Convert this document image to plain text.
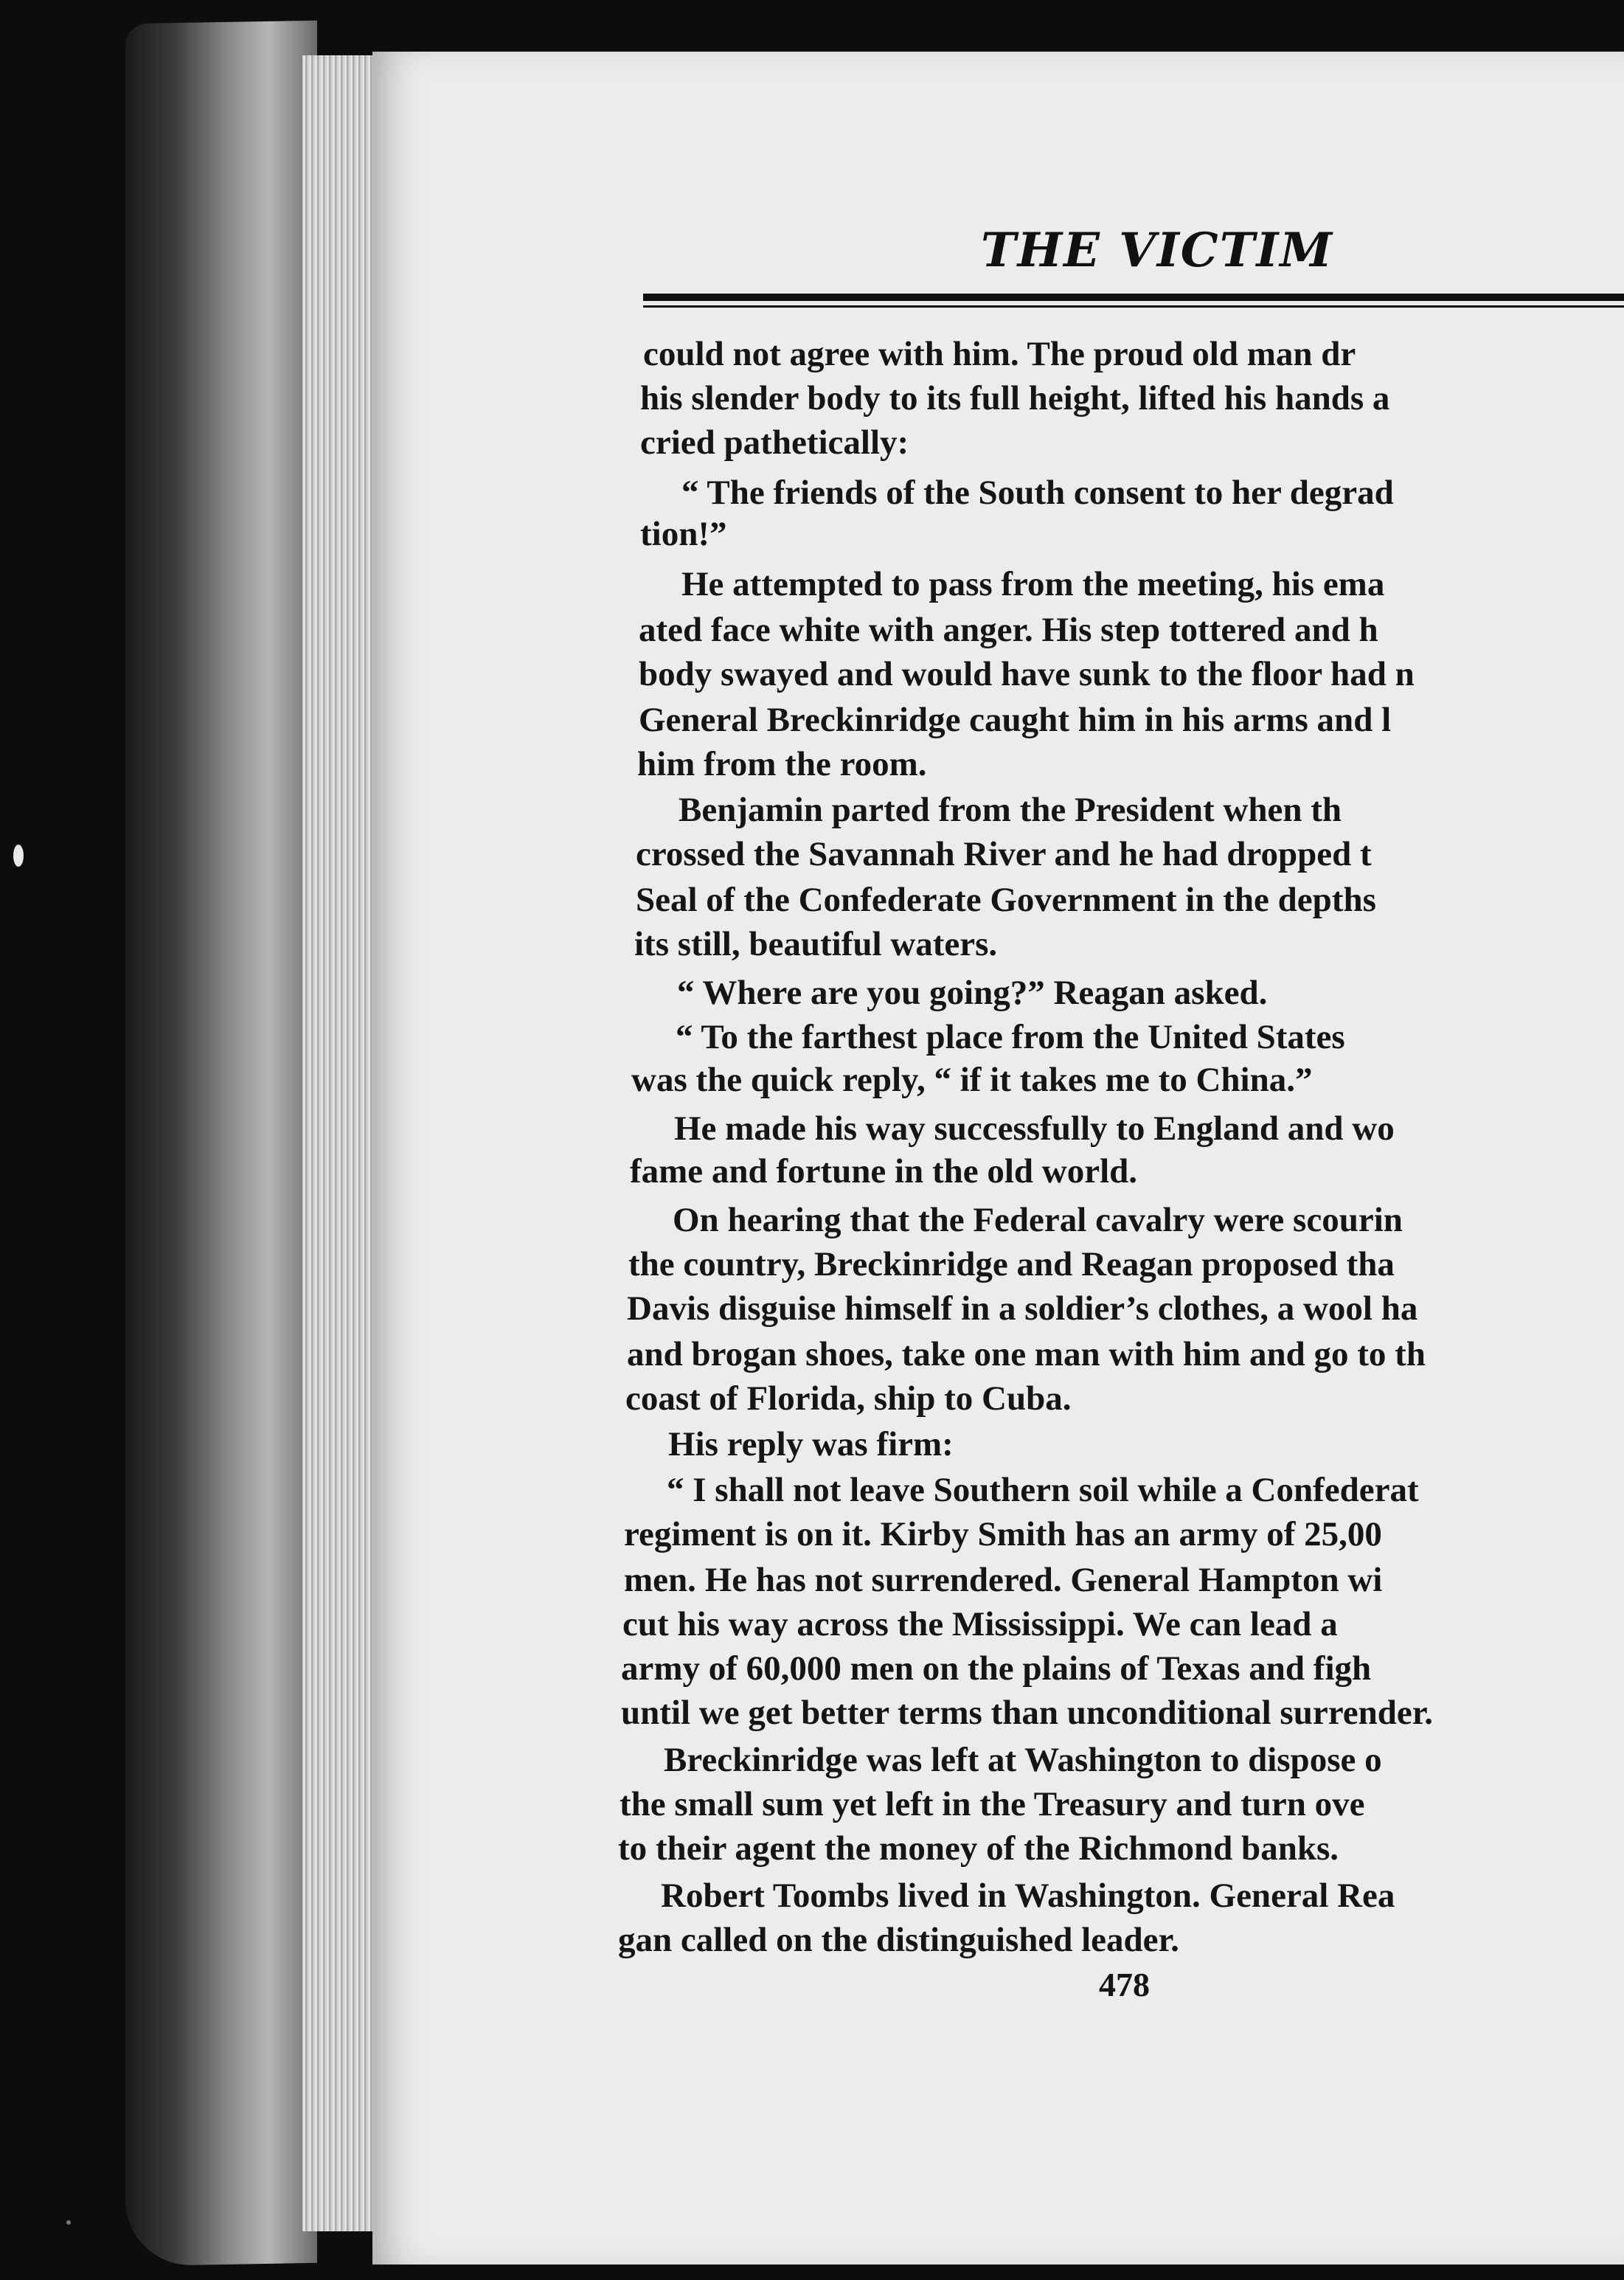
THE VICTIM
could not agree with him. The proud old man dr
his slender body to its full height, lifted his hands a
cried pathetically:
“ The friends of the South consent to her degrad
tion!”
He attempted to pass from the meeting, his ema
ated face white with anger. His step tottered and h
body swayed and would have sunk to the floor had n
General Breckinridge caught him in his arms and l
him from the room.
Benjamin parted from the President when th
crossed the Savannah River and he had dropped t
Seal of the Confederate Government in the depths
its still, beautiful waters.
“ Where are you going?” Reagan asked.
“ To the farthest place from the United States
was the quick reply, “ if it takes me to China.”
He made his way successfully to England and wo
fame and fortune in the old world.
On hearing that the Federal cavalry were scourin
the country, Breckinridge and Reagan proposed tha
Davis disguise himself in a soldier’s clothes, a wool ha
and brogan shoes, take one man with him and go to th
coast of Florida, ship to Cuba.
His reply was firm:
“ I shall not leave Southern soil while a Confederat
regiment is on it. Kirby Smith has an army of 25,00
men. He has not surrendered. General Hampton wi
cut his way across the Mississippi. We can lead a
army of 60,000 men on the plains of Texas and figh
until we get better terms than unconditional surrender.
Breckinridge was left at Washington to dispose o
the small sum yet left in the Treasury and turn ove
to their agent the money of the Richmond banks.
Robert Toombs lived in Washington. General Rea
gan called on the distinguished leader.
478
